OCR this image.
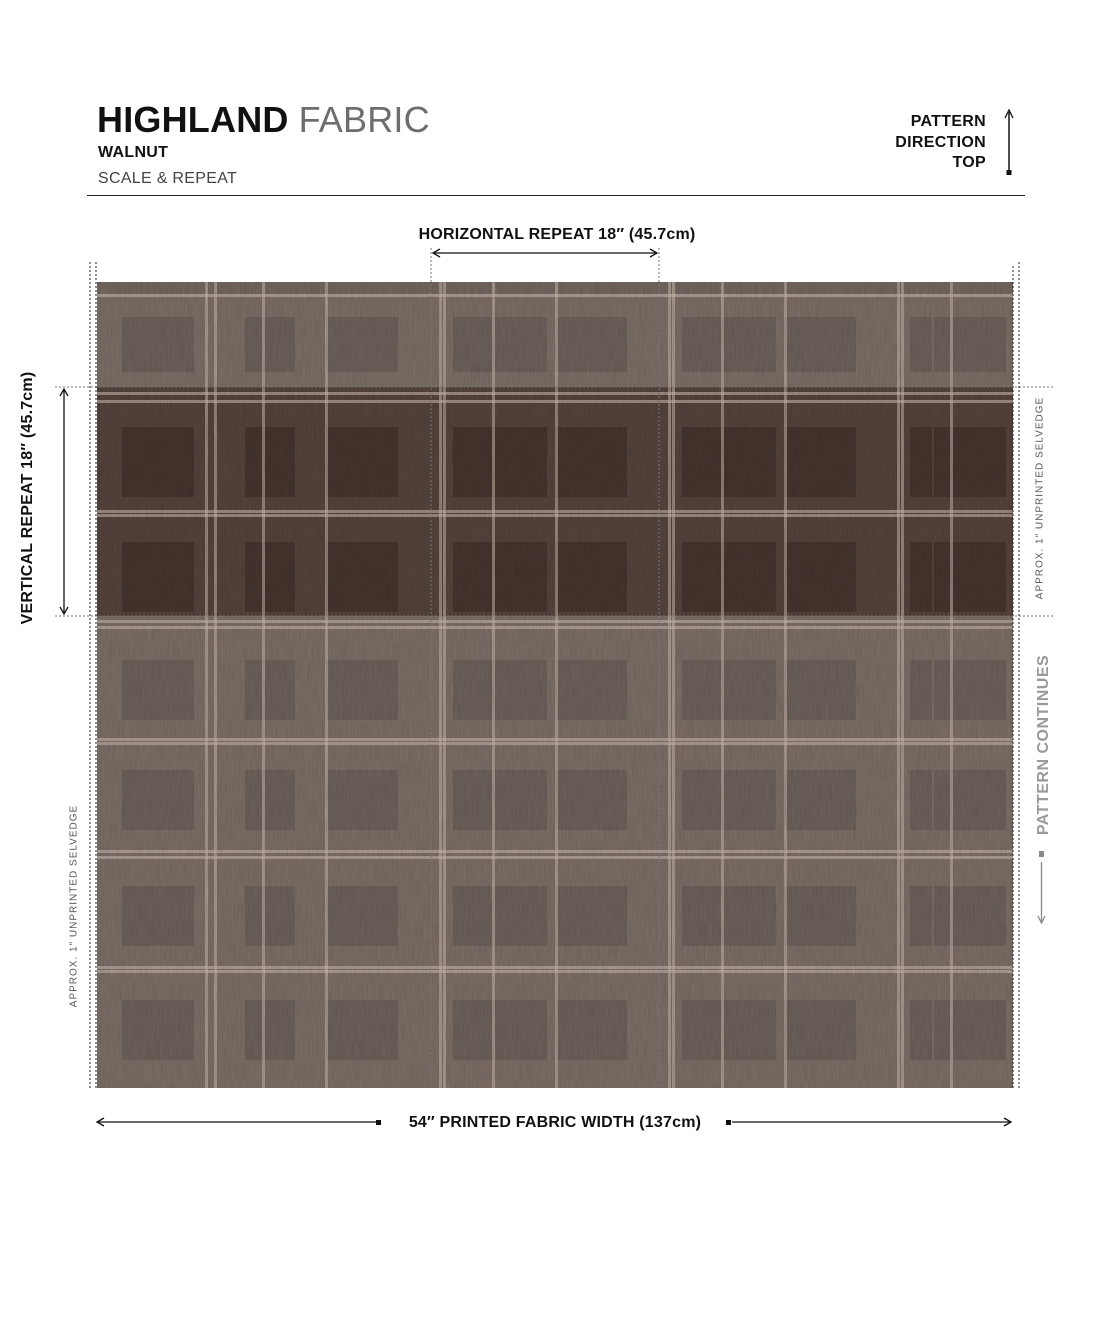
HIGHLAND FABRIC
WALNUT
SCALE & REPEAT
PATTERN
DIRECTION
TOP
HORIZONTAL REPEAT 18″ (45.7cm)
VERTICAL REPEAT 18″ (45.7cm)	APPROX. 1″ UNPRINTED SELVEDGE
APPROX. 1″ UNPRINTED SELVEDGE
PATTERN CONTINUES
54″ PRINTED FABRIC WIDTH (137cm)
